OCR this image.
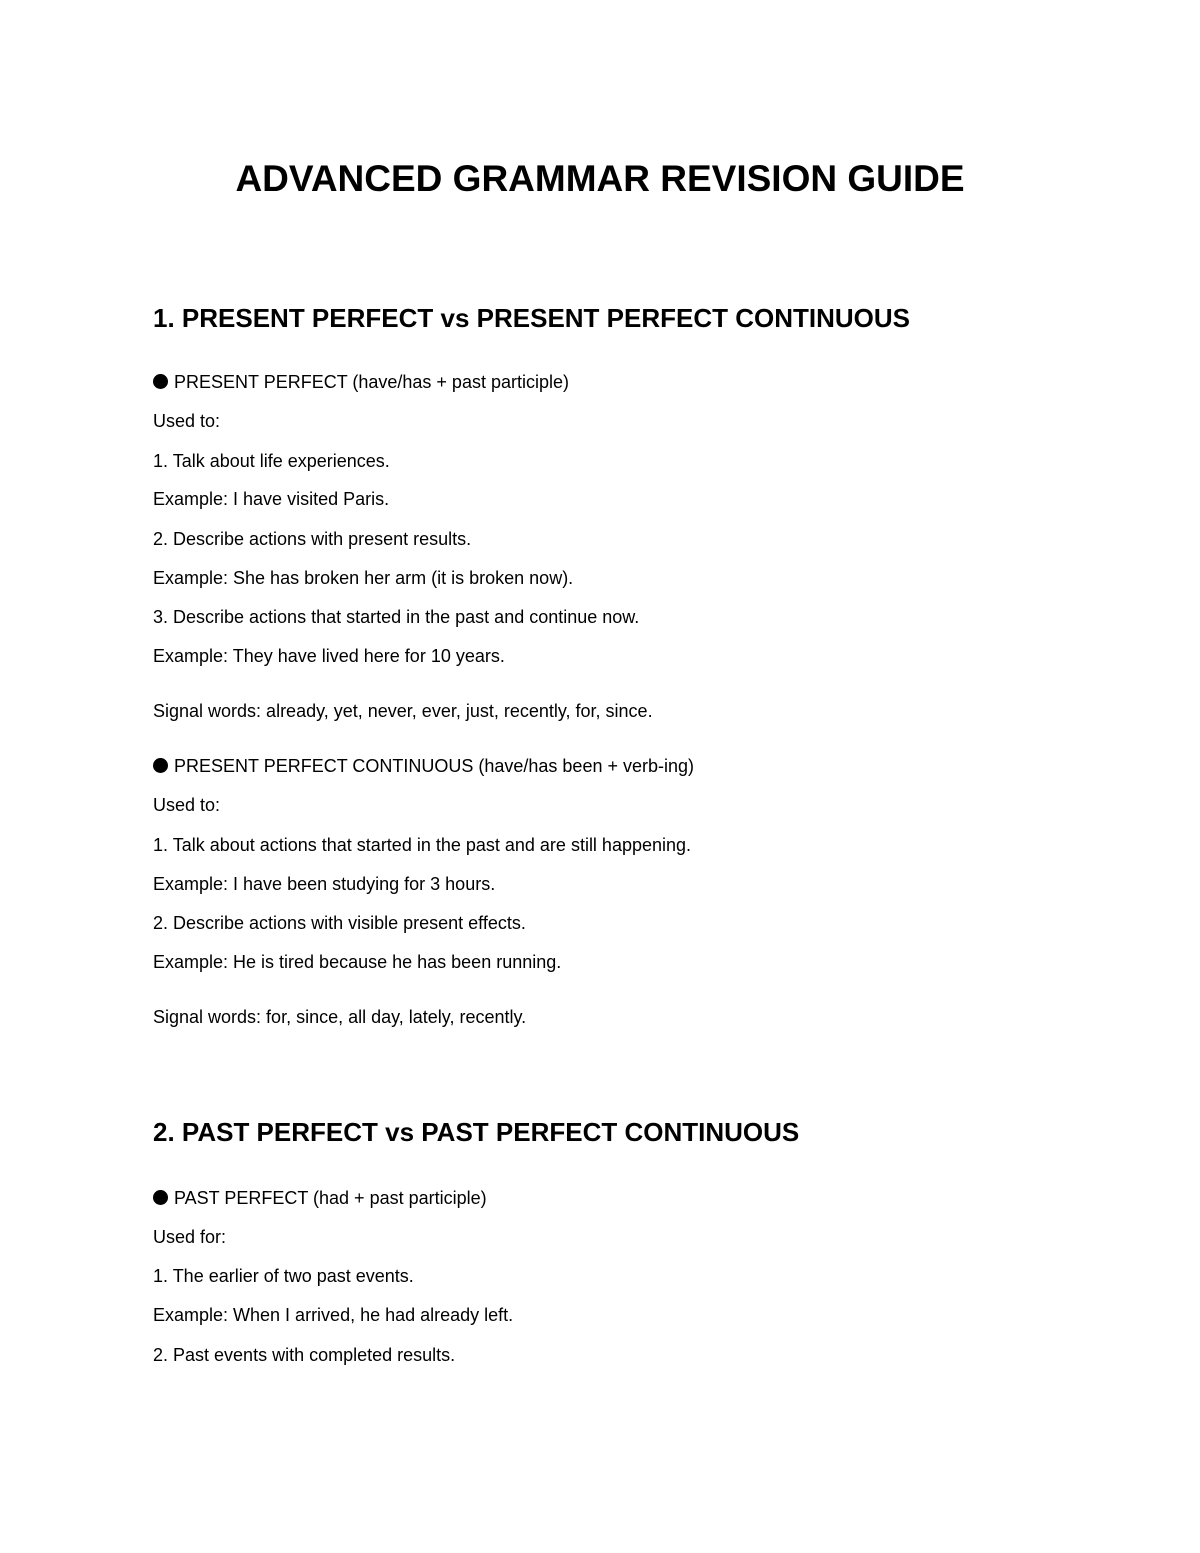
ADVANCED GRAMMAR REVISION GUIDE
1. PRESENT PERFECT vs PRESENT PERFECT CONTINUOUS
PRESENT PERFECT (have/has + past participle)
Used to:
1. Talk about life experiences.
Example: I have visited Paris.
2. Describe actions with present results.
Example: She has broken her arm (it is broken now).
3. Describe actions that started in the past and continue now.
Example: They have lived here for 10 years.
Signal words: already, yet, never, ever, just, recently, for, since.
PRESENT PERFECT CONTINUOUS (have/has been + verb-ing)
Used to:
1. Talk about actions that started in the past and are still happening.
Example: I have been studying for 3 hours.
2. Describe actions with visible present effects.
Example: He is tired because he has been running.
Signal words: for, since, all day, lately, recently.
2. PAST PERFECT vs PAST PERFECT CONTINUOUS
PAST PERFECT (had + past participle)
Used for:
1. The earlier of two past events.
Example: When I arrived, he had already left.
2. Past events with completed results.
